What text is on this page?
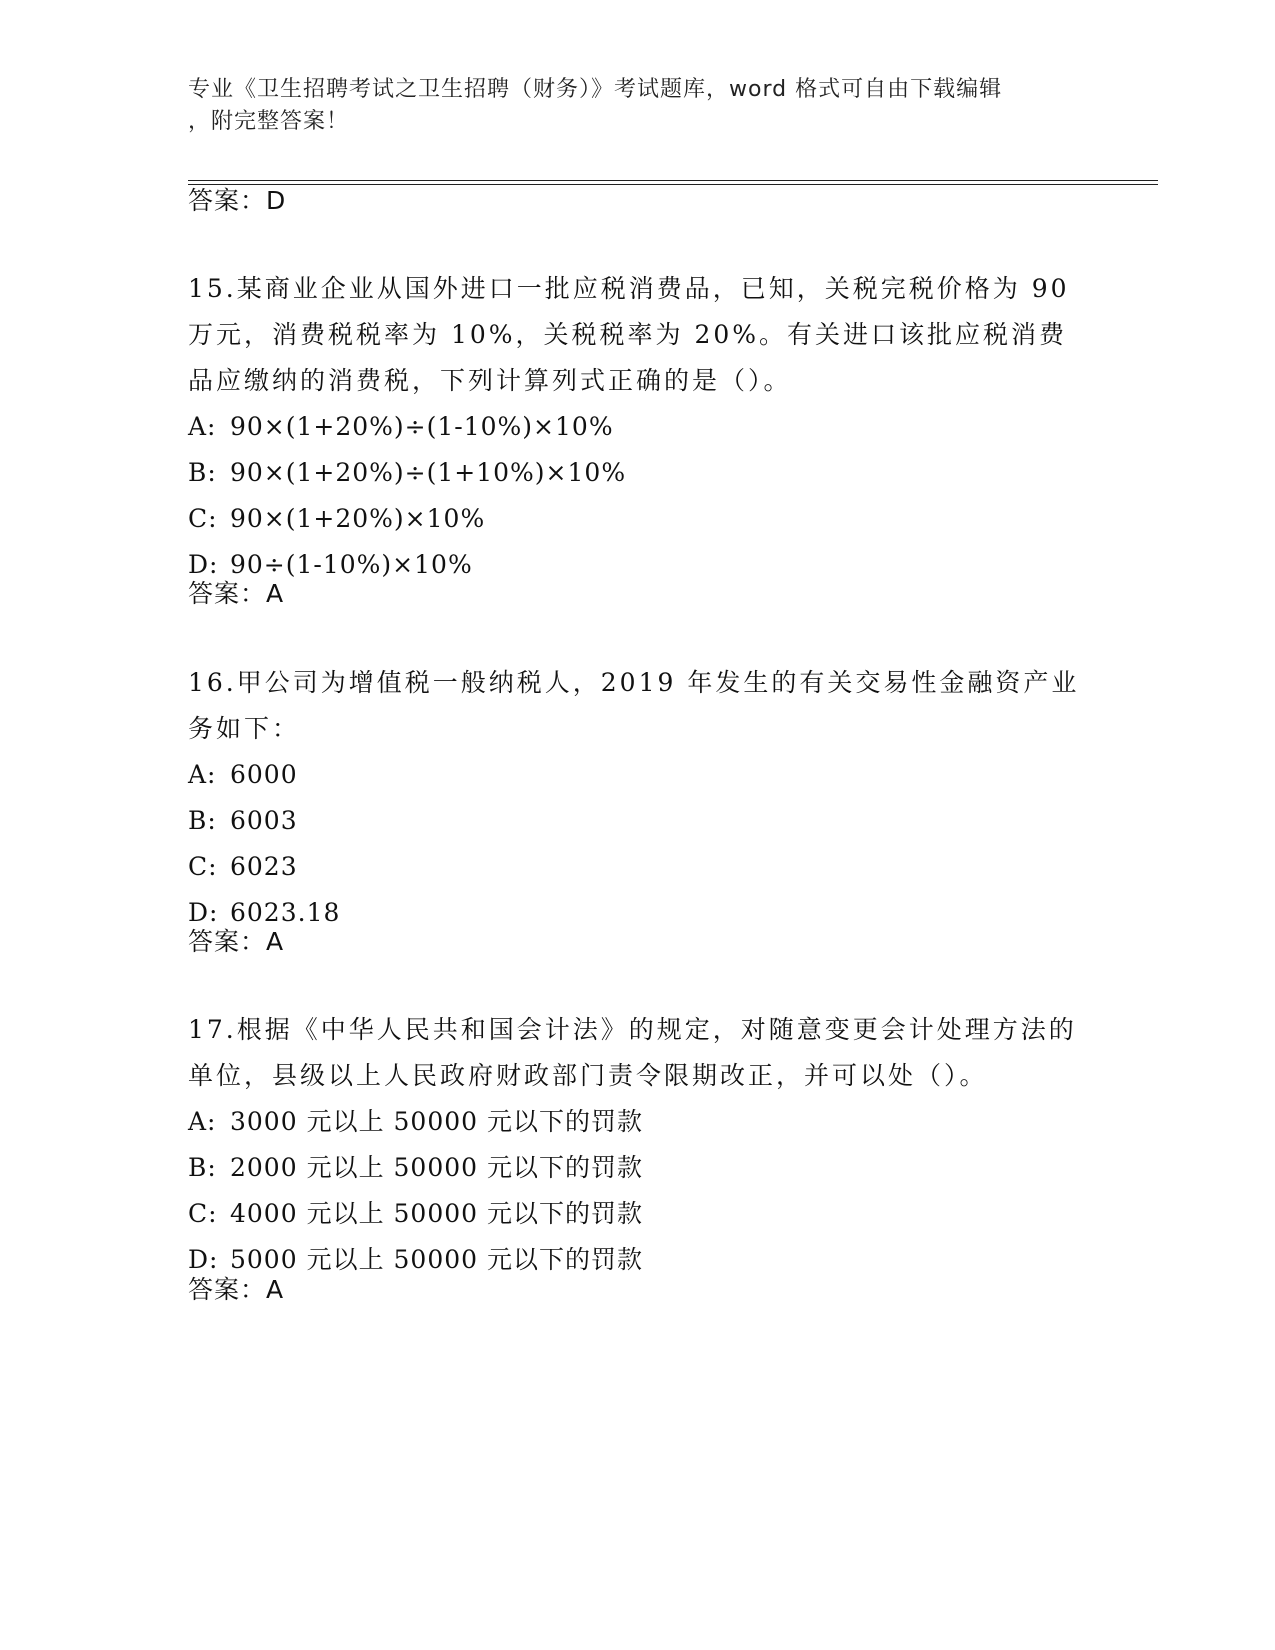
专业《卫生招聘考试之卫生招聘（财务）》考试题库，word 格式可自由下载编辑
，附完整答案！
答案：D

15.某商业企业从国外进口一批应税消费品，已知，关税完税价格为 90 万元，消费税税率为 10%，关税税率为 20%。有关进口该批应税消费品应缴纳的消费税，下列计算列式正确的是（）。

A: 90×(1+20%)÷(1-10%)×10%

B: 90×(1+20%)÷(1+10%)×10%

C: 90×(1+20%)×10%

D: 90÷(1-10%)×10%

答案：A

16.甲公司为增值税一般纳税人，2019 年发生的有关交易性金融资产业务如下：

A: 6000

B: 6003

C: 6023

D: 6023.18

答案：A

17.根据《中华人民共和国会计法》的规定，对随意变更会计处理方法的单位，县级以上人民政府财政部门责令限期改正，并可以处（）。

A: 3000 元以上 50000 元以下的罚款

B: 2000 元以上 50000 元以下的罚款

C: 4000 元以上 50000 元以下的罚款

D: 5000 元以上 50000 元以下的罚款

答案：A
